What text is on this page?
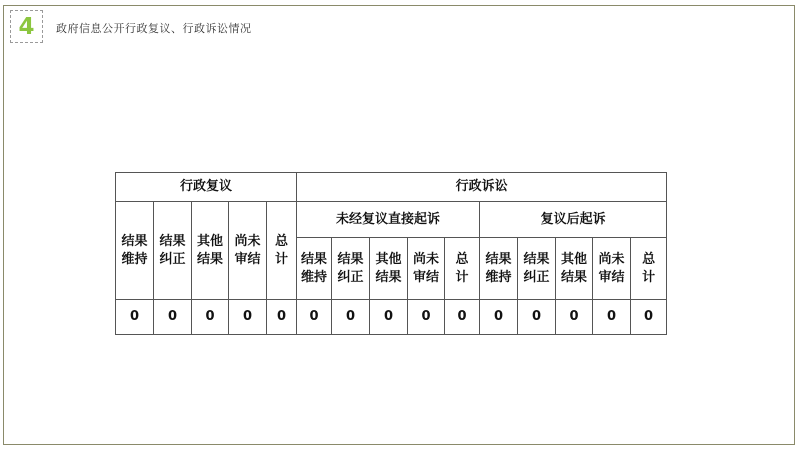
4 政府信息公开行政复议、行政诉讼情况
行政复议					行政诉讼									
结果维持	结果纠正	其他结果	尚未审结	总计	未经复议直接起诉					复议后起诉				
					结果维持	结果纠正	其他结果	尚未审结	总计	结果维持	结果纠正	其他结果	尚未审结	总计
0	0	0	0	0	0	0	0	0	0	0	0	0	0	0
